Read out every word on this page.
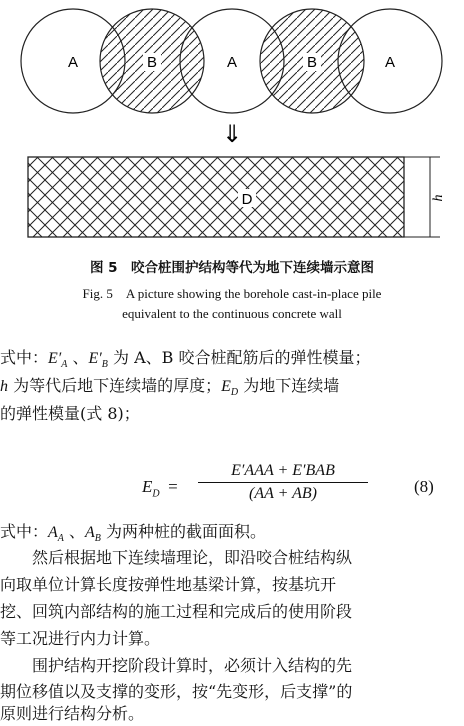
A	B	A	B	A
⇓
D	h
图 5　咬合桩围护结构等代为地下连续墙示意图
Fig. 5　A picture showing the borehole cast-in-place pile
equivalent to the continuous concrete wall
式中：$E'_A$ 、$E'_B$ 为 A、B 咬合桩配筋后的弹性模量；
h 为等代后地下连续墙的厚度；$E_D$ 为地下连续墙
的弹性模量(式 8)；
$E_D$ =
E′AAA + E′BAB
(AA + AB)	(8)
式中：$A_A$ 、$A_B$ 为两种桩的截面面积。
　　然后根据地下连续墙理论，即沿咬合桩结构纵
向取单位计算长度按弹性地基梁计算，按基坑开
挖、回筑内部结构的施工过程和完成后的使用阶段
等工况进行内力计算。
　　围护结构开挖阶段计算时，必须计入结构的先
期位移值以及支撑的变形，按“先变形，后支撑”的
原则进行结构分析。
